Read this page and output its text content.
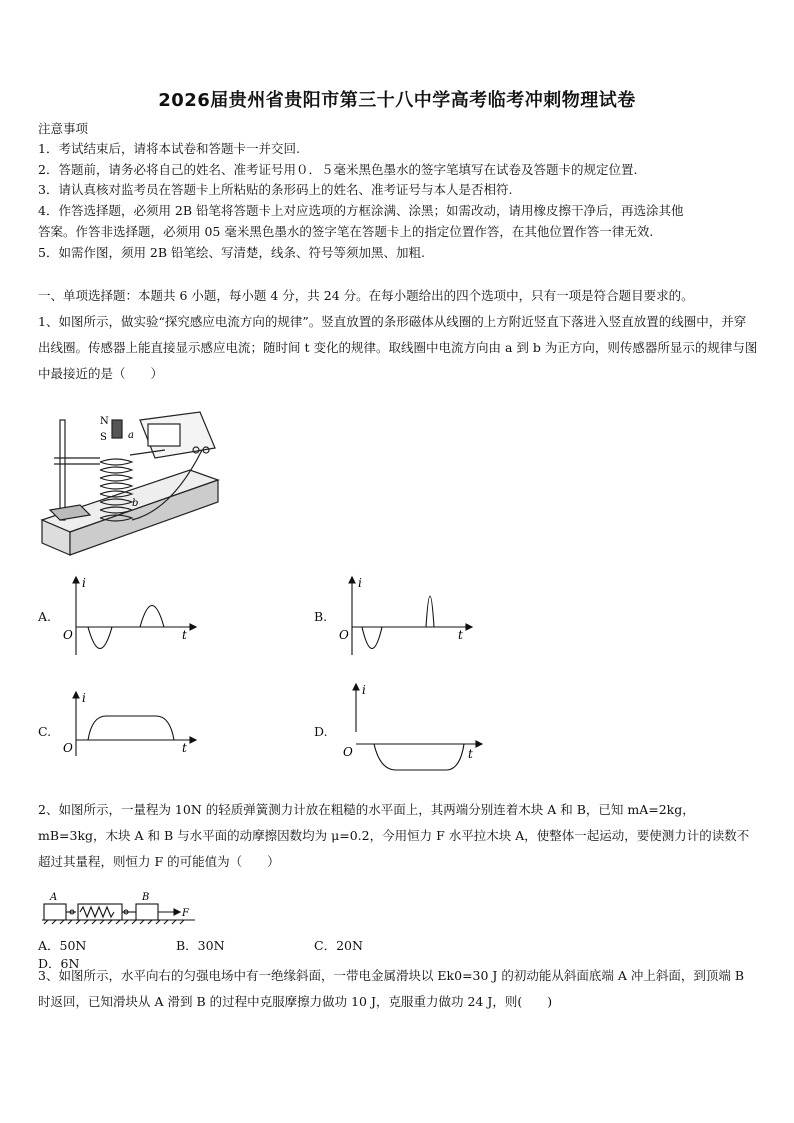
2026届贵州省贵阳市第三十八中学高考临考冲刺物理试卷
注意事项
1．考试结束后，请将本试卷和答题卡一并交回.
2．答题前，请务必将自己的姓名、准考证号用０．５毫米黑色墨水的签字笔填写在试卷及答题卡的规定位置.
3．请认真核对监考员在答题卡上所粘贴的条形码上的姓名、准考证号与本人是否相符.
4．作答选择题，必须用 2B 铅笔将答题卡上对应选项的方框涂满、涂黑；如需改动，请用橡皮擦干净后，再选涂其他
答案。作答非选择题，必须用 05 毫米黑色墨水的签字笔在答题卡上的指定位置作答，在其他位置作答一律无效.
5．如需作图，须用 2B 铅笔绘、写清楚，线条、符号等须加黑、加粗.
一、单项选择题：本题共 6 小题，每小题 4 分，共 24 分。在每小题给出的四个选项中，只有一项是符合题目要求的。
1、如图所示，做实验“探究感应电流方向的规律”。竖直放置的条形磁体从线圈的上方附近竖直下落进入竖直放置的线圈中，并穿出线圈。传感器上能直接显示感应电流；随时间 t 变化的规律。取线圈中电流方向由 a 到 b 为正方向，则传感器所显示的规律与图中最接近的是（　　）
N
S a
b
A.
i
t
O
B.
i
t
O
C.
i
t
O
D.
i
t
O
2、如图所示，一量程为 10N 的轻质弹簧测力计放在粗糙的水平面上，其两端分别连着木块 A 和 B，已知 mA=2kg，mB=3kg，木块 A 和 B 与水平面的动摩擦因数均为 μ=0.2，今用恒力 F 水平拉木块 A，使整体一起运动，要使测力计的读数不超过其量程，则恒力 F 的可能值为（　　）
A	B
F
A．50N	B．30N	C．20ND．6N
3、如图所示，水平向右的匀强电场中有一绝缘斜面，一带电金属滑块以 Ek0=30 J 的初动能从斜面底端 A 冲上斜面，到顶端 B 时返回，已知滑块从 A 滑到 B 的过程中克服摩擦力做功 10 J，克服重力做功 24 J，则(　　)
